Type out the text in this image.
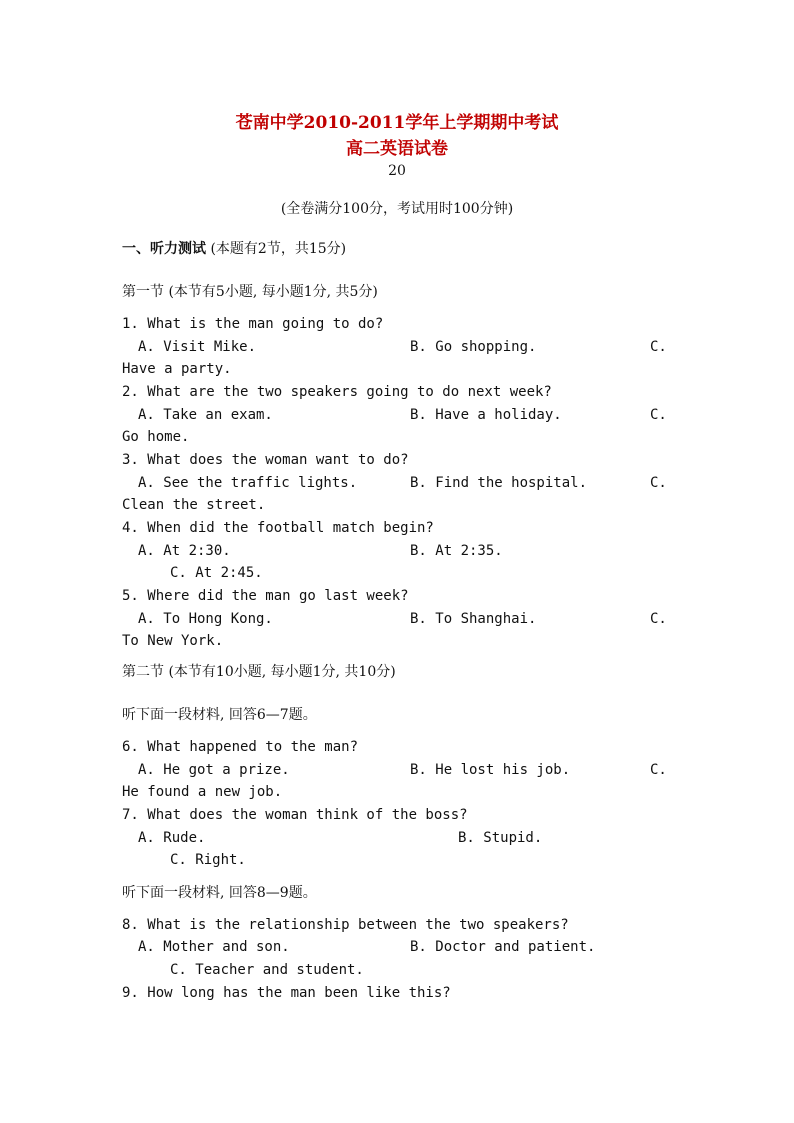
苍南中学2010-2011学年上学期期中考试
高二英语试卷
20
(全卷满分100分，考试用时100分钟)
一、听力测试 (本题有2节，共15分)
第一节 (本节有5小题, 每小题1分, 共5分)
1. What is the man going to do?
A. Visit Mike.	B. Go shopping.	C.
Have a party.
2. What are the two speakers going to do next week?
A. Take an exam.	B. Have a holiday.	C.
Go home.
3. What does the woman want to do?
A. See the traffic lights.	B. Find the hospital.	C.
Clean the street.
4. When did the football match begin?
A. At 2:30.	B. At 2:35.
C. At 2:45.
5. Where did the man go last week?
A. To Hong Kong.	B. To Shanghai.	C.
To New York.
第二节 (本节有10小题, 每小题1分, 共10分)
听下面一段材料, 回答6—7题。
6. What happened to the man?
A. He got a prize.	B. He lost his job.	C.
He found a new job.
7. What does the woman think of the boss?
A. Rude.	B. Stupid.
C. Right.
听下面一段材料, 回答8—9题。
8. What is the relationship between the two speakers?
A. Mother and son.	B. Doctor and patient.
C. Teacher and student.
9. How long has the man been like this?
